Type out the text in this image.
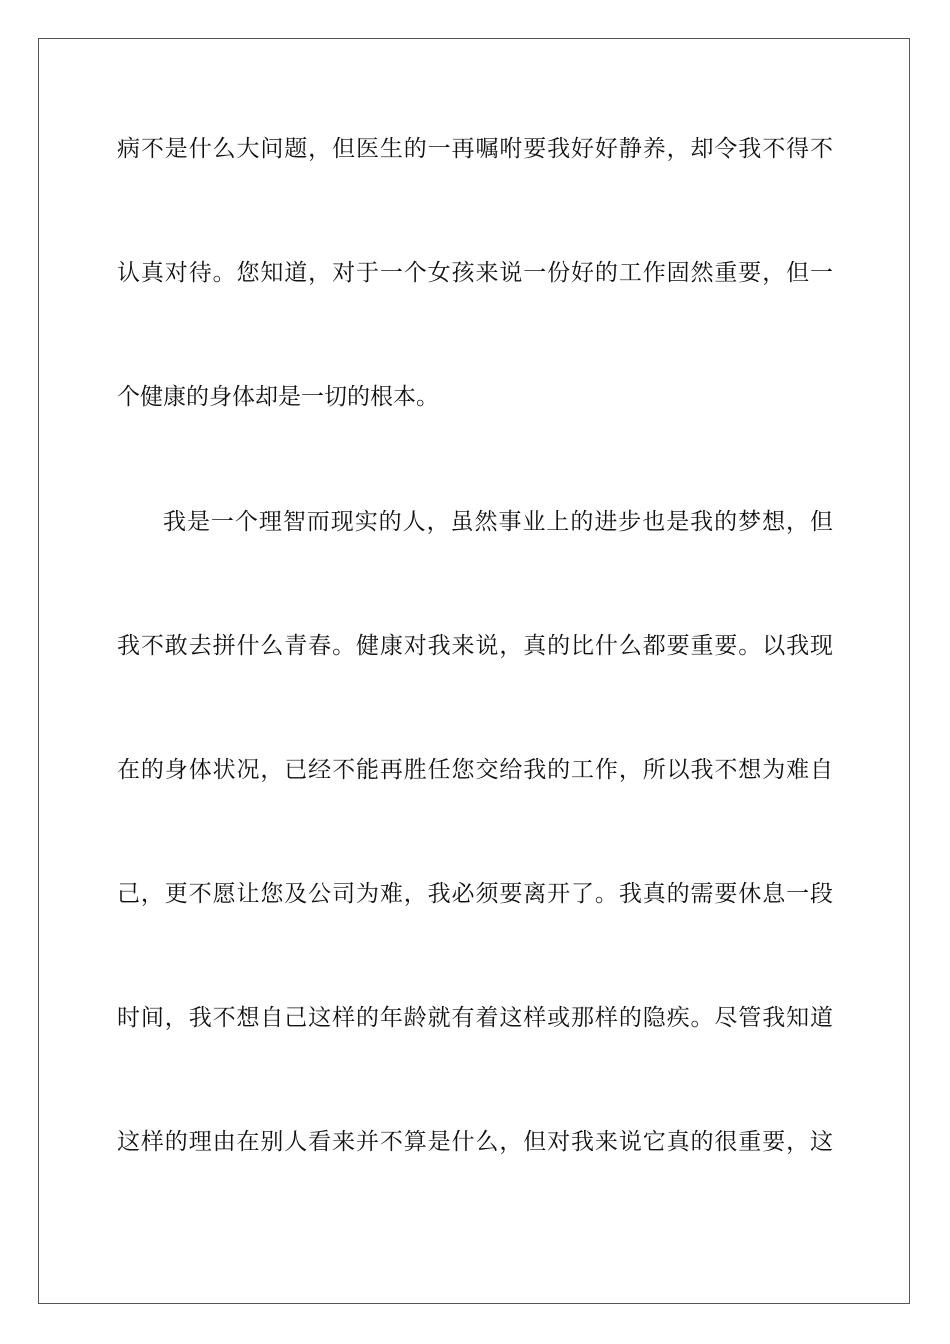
病不是什么大问题，但医生的一再嘱咐要我好好静养，却令我不得不
认真对待。您知道，对于一个女孩来说一份好的工作固然重要，但一
个健康的身体却是一切的根本。
我是一个理智而现实的人，虽然事业上的进步也是我的梦想，但
我不敢去拼什么青春。健康对我来说，真的比什么都要重要。以我现
在的身体状况，已经不能再胜任您交给我的工作，所以我不想为难自
己，更不愿让您及公司为难，我必须要离开了。我真的需要休息一段
时间，我不想自己这样的年龄就有着这样或那样的隐疾。尽管我知道
这样的理由在别人看来并不算是什么，但对我来说它真的很重要，这
